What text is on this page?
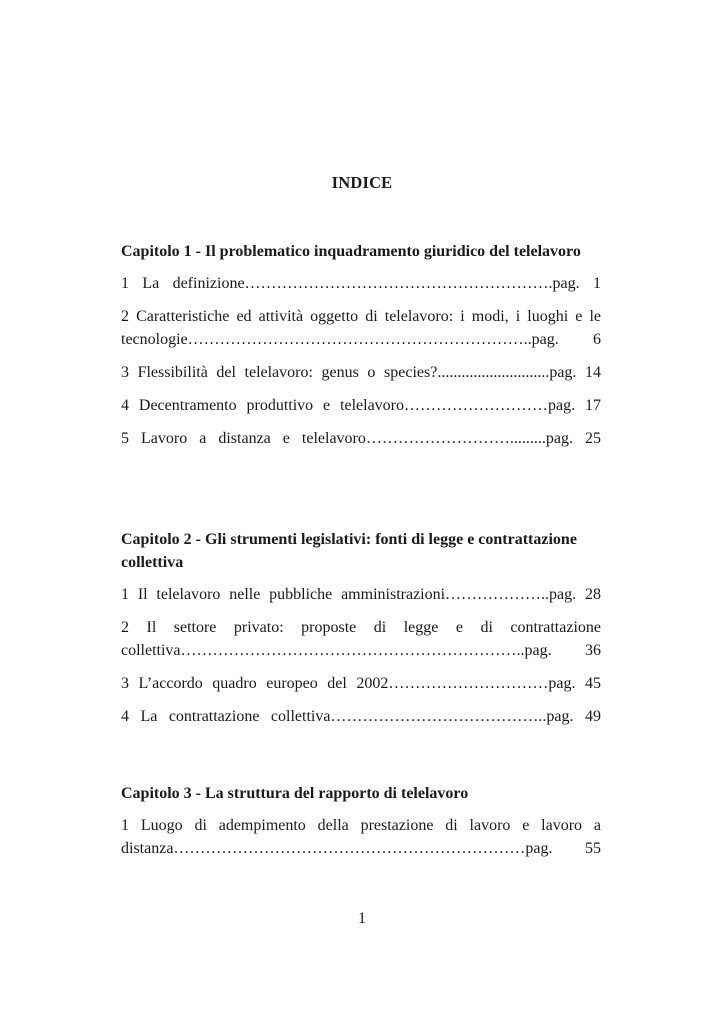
INDICE
Capitolo 1 - Il problematico inquadramento giuridico del telelavoro
1 La definizione………………………………………………….pag. 1
2 Caratteristiche ed attività oggetto di telelavoro: i modi, i luoghi e le tecnologie………………………………………………………..pag. 6
3 Flessibilità del telelavoro: genus o species?............................pag. 14
4 Decentramento produttivo e telelavoro………………………pag. 17
5 Lavoro a distanza e telelavoro……………………….........pag. 25
Capitolo 2 - Gli strumenti legislativi: fonti di legge e contrattazione collettiva
1 Il telelavoro nelle pubbliche amministrazioni………………..pag. 28
2 Il settore privato: proposte di legge e di contrattazione collettiva………………………………………………………..pag. 36
3 L’accordo quadro europeo del 2002…………………………pag. 45
4 La contrattazione collettiva…………………………………..pag. 49
Capitolo 3 - La struttura del rapporto di telelavoro
1 Luogo di adempimento della prestazione di lavoro e lavoro a distanza…………………………………………………………pag. 55
1
